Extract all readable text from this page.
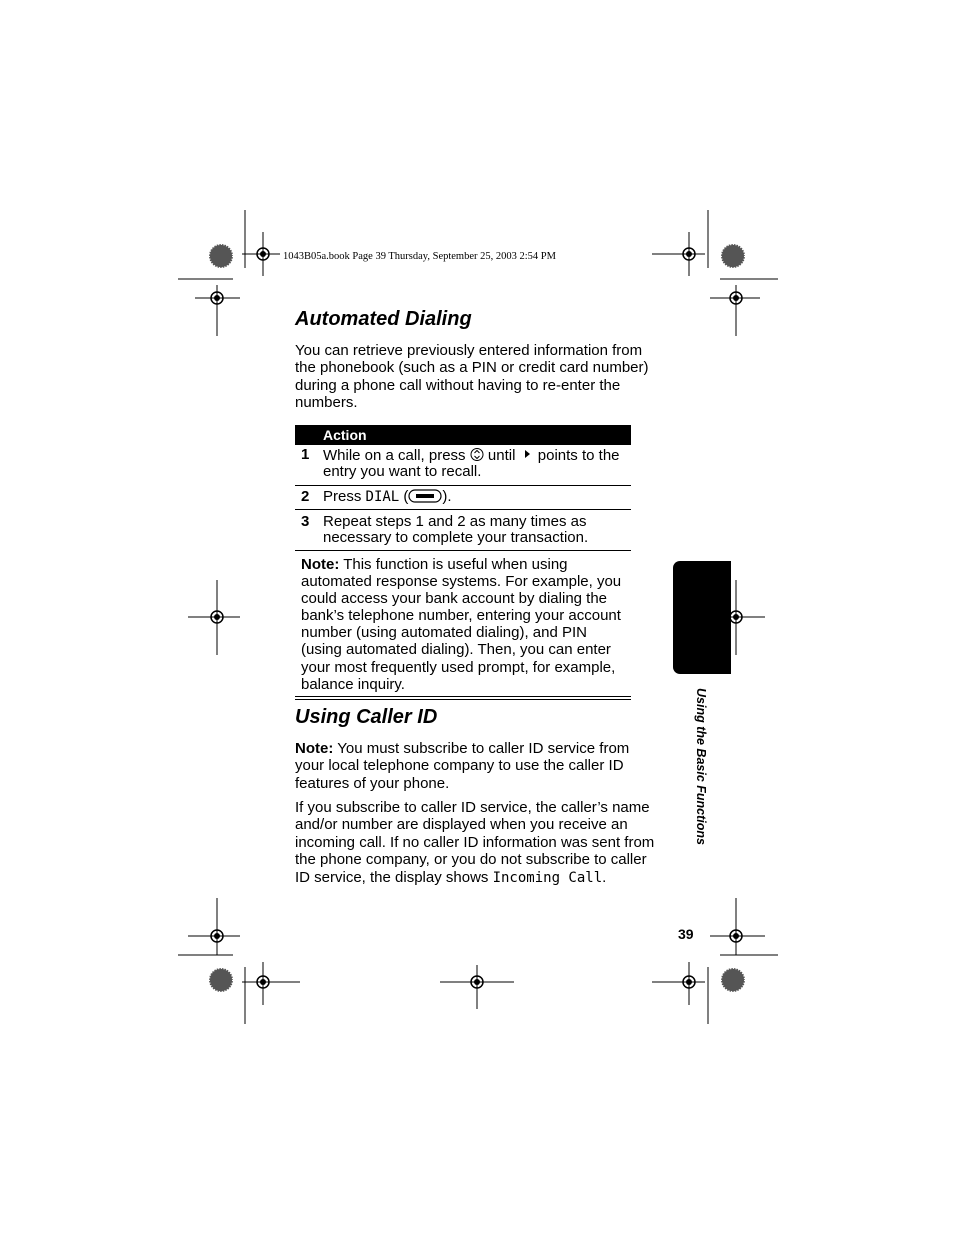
1043B05a.book Page 39 Thursday, September 25, 2003 2:54 PM
Automated Dialing

You can retrieve previously entered information from the phonebook (such as a PIN or credit card number) during a phone call without having to re-enter the numbers.

Action
1 While on a call, press until points to the entry you want to recall.
2 Press DIAL ( ).
3 Repeat steps 1 and 2 as many times as necessary to complete your transaction.
Note: This function is useful when using automated response systems. For example, you could access your bank account by dialing the bank’s telephone number, entering your account number (using automated dialing), and PIN (using automated dialing). Then, you can enter your most frequently used prompt, for example, balance inquiry.
Using Caller ID

Note: You must subscribe to caller ID service from your local telephone company to use the caller ID features of your phone.

If you subscribe to caller ID service, the caller’s name and/or number are displayed when you receive an incoming call. If no caller ID information was sent from the phone company, or you do not subscribe to caller ID service, the display shows Incoming Call.

Using the Basic Functions
39
